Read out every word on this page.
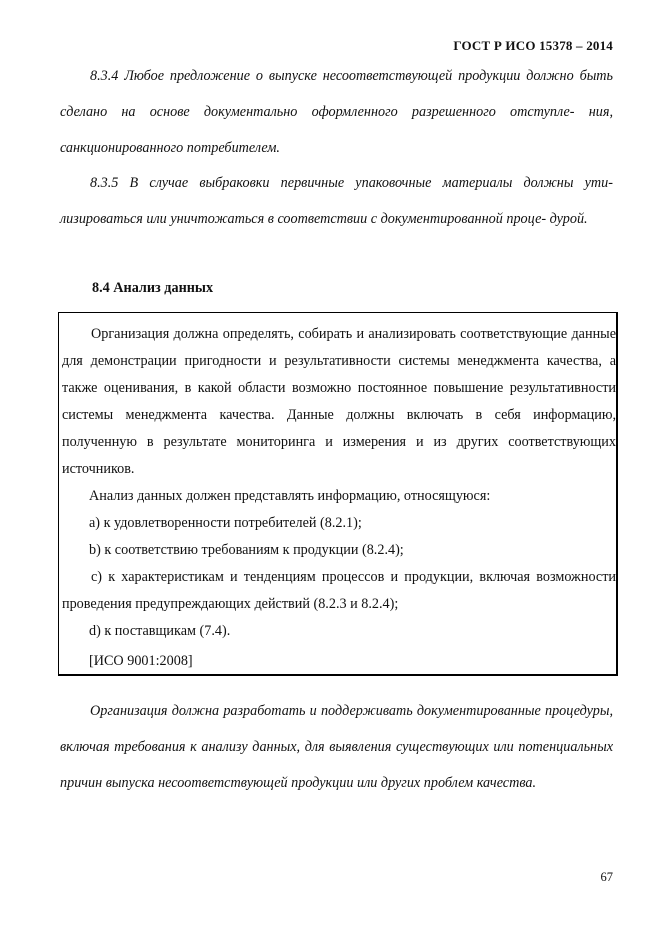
ГОСТ Р ИСО 15378 – 2014

8.3.4 Любое предложение о выпуске несоответствующей продукции должно быть сделано на основе документально оформленного разрешенного отступле- ния, санкционированного потребителем.

8.3.5 В случае выбраковки первичные упаковочные материалы должны ути- лизироваться или уничтожаться в соответствии с документированной проце- дурой.

8.4 Анализ данных

Организация должна определять, собирать и анализировать соответствующие данные для демонстрации пригодности и результативности системы менеджмента качества, а также оценивания, в какой области возможно постоянное повышение результативности системы менеджмента качества. Данные должны включать в себя информацию, полученную в результате мониторинга и измерения и из других соответствующих источников.

Анализ данных должен представлять информацию, относящуюся:

а) к удовлетворенности потребителей (8.2.1);

b) к соответствию требованиям к продукции (8.2.4);

c) к характеристикам и тенденциям процессов и продукции, включая возможности проведения предупреждающих действий (8.2.3 и 8.2.4);

d) к поставщикам (7.4).

[ИСО 9001:2008]

Организация должна разработать и поддерживать документированные процедуры, включая требования к анализу данных, для выявления существующих или потенциальных причин выпуска несоответствующей продукции или других проблем качества.

67
